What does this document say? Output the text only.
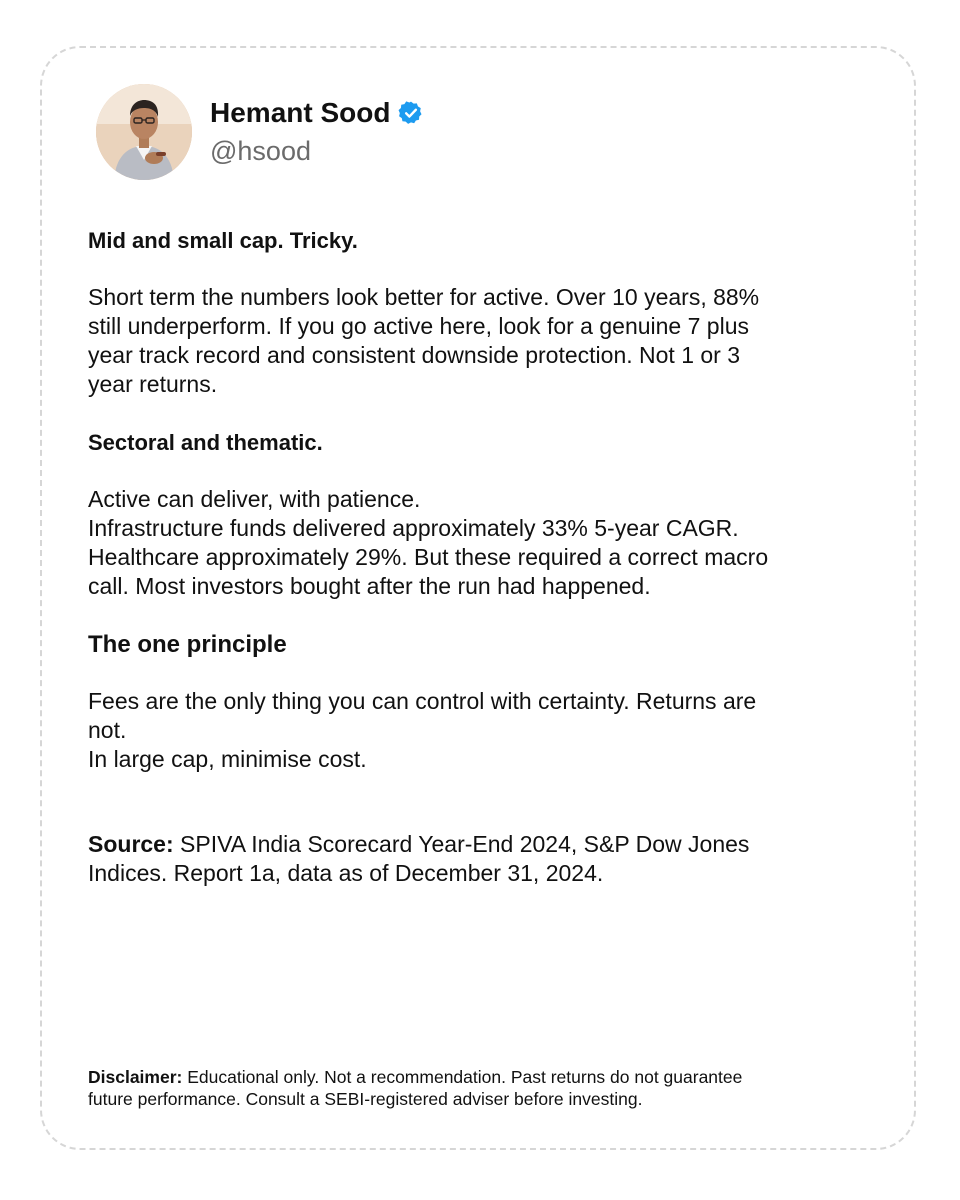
Hemant Sood
@hsood

Mid and small cap. Tricky.

Short term the numbers look better for active. Over 10 years, 88%

still underperform. If you go active here, look for a genuine 7 plus

year track record and consistent downside protection. Not 1 or 3

year returns.

Sectoral and thematic.

Active can deliver, with patience.

Infrastructure funds delivered approximately 33% 5-year CAGR.

Healthcare approximately 29%. But these required a correct macro

call. Most investors bought after the run had happened.

The one principle

Fees are the only thing you can control with certainty. Returns are

not.

In large cap, minimise cost.

Source: SPIVA India Scorecard Year-End 2024, S&P Dow Jones

Indices. Report 1a, data as of December 31, 2024.

Disclaimer: Educational only. Not a recommendation. Past returns do not guarantee

future performance. Consult a SEBI-registered adviser before investing.
